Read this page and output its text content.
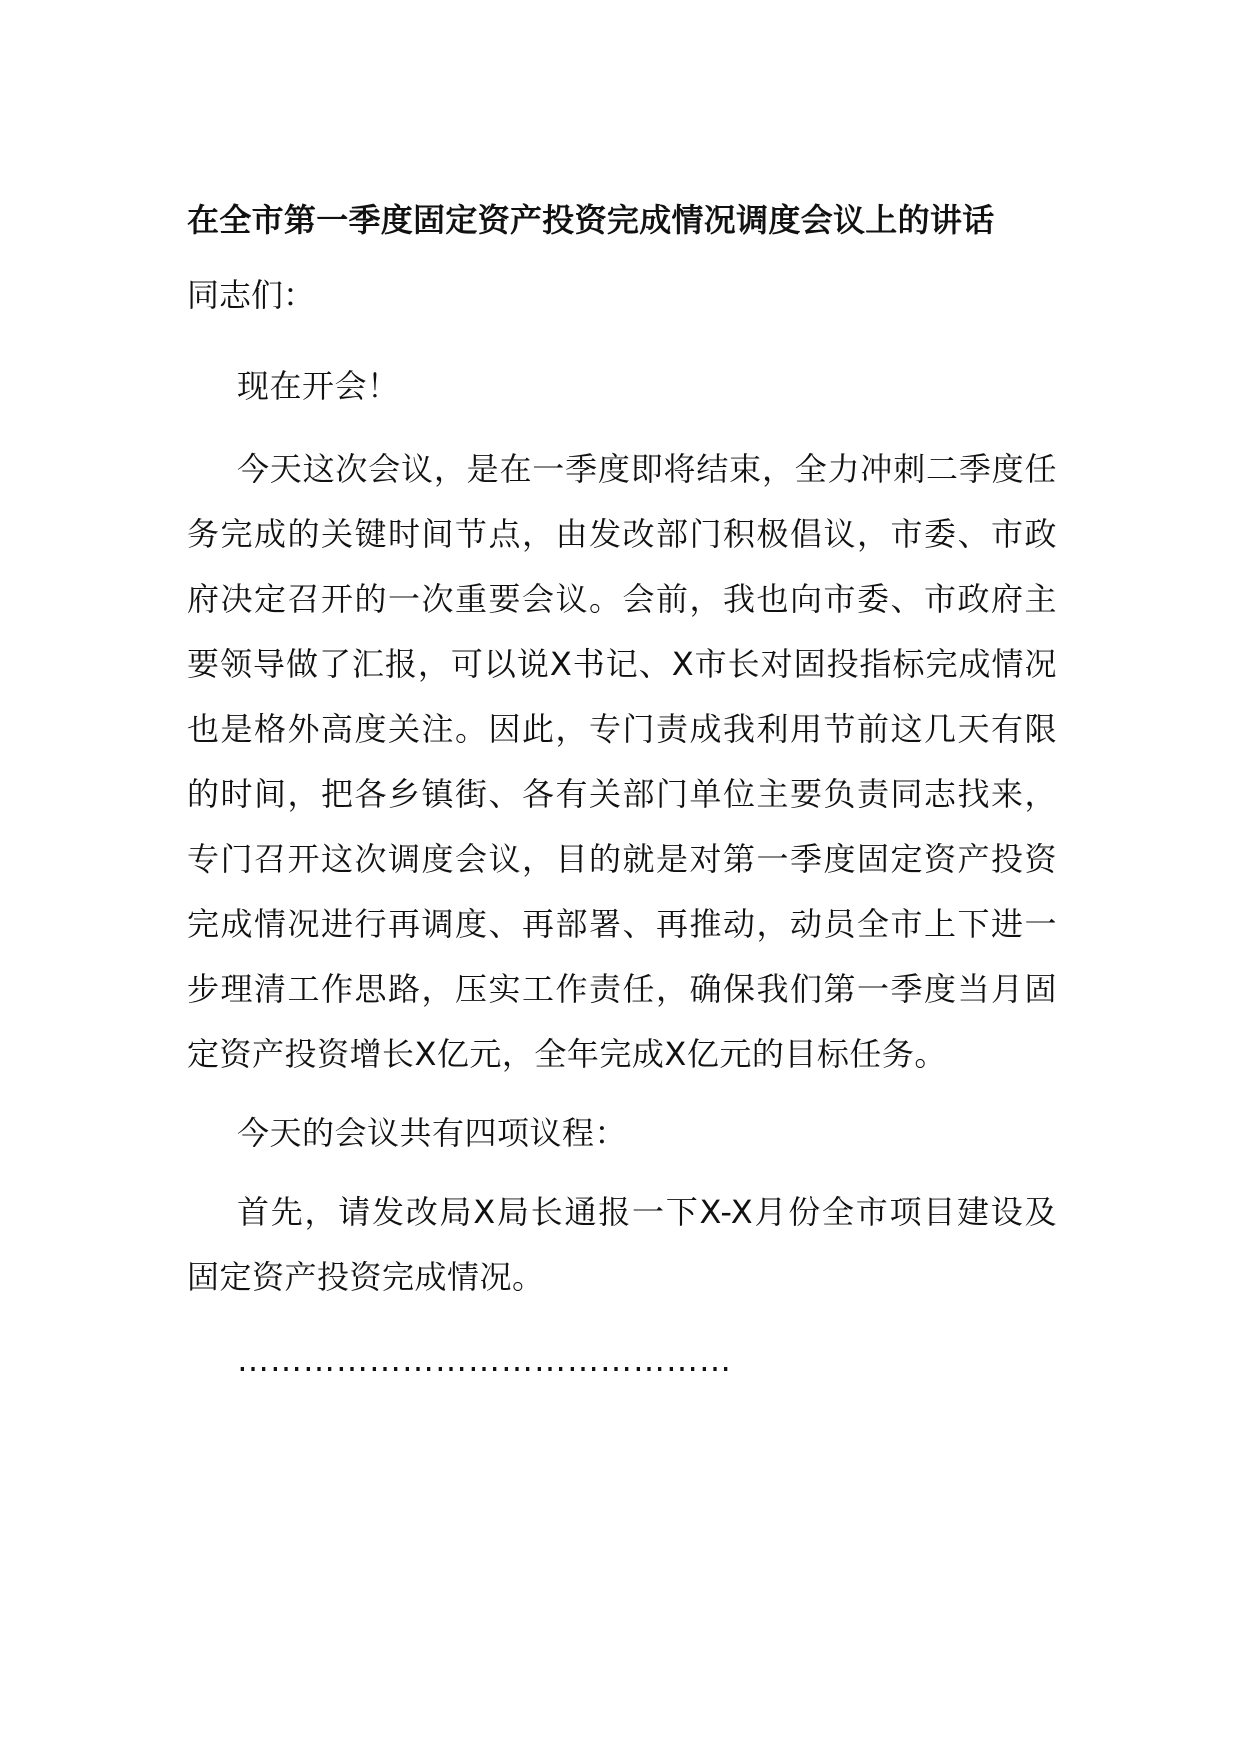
在全市第一季度固定资产投资完成情况调度会议上的讲话
同志们：

现在开会！

今天这次会议，是在一季度即将结束，全力冲刺二季度任务完成的关键时间节点，由发改部门积极倡议，市委、市政府决定召开的一次重要会议。会前，我也向市委、市政府主要领导做了汇报，可以说X书记、X市长对固投指标完成情况也是格外高度关注。因此，专门责成我利用节前这几天有限的时间，把各乡镇街、各有关部门单位主要负责同志找来，专门召开这次调度会议，目的就是对第一季度固定资产投资完成情况进行再调度、再部署、再推动，动员全市上下进一步理清工作思路，压实工作责任，确保我们第一季度当月固定资产投资增长X亿元，全年完成X亿元的目标任务。

今天的会议共有四项议程：

首先，请发改局X局长通报一下X-X月份全市项目建设及固定资产投资完成情况。

………………………………………
